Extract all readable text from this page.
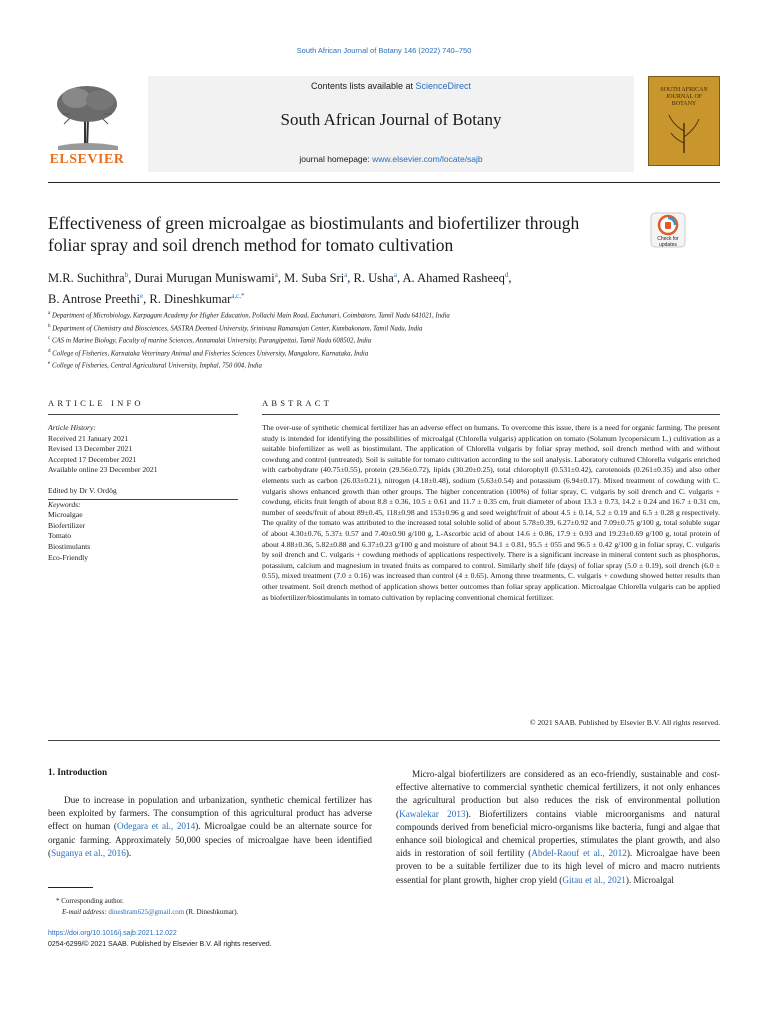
South African Journal of Botany 146 (2022) 740–750
ELSEVIER
Contents lists available at ScienceDirect
South African Journal of Botany
journal homepage: www.elsevier.com/locate/sajb
SOUTH AFRICAN JOURNAL OF BOTANY
Effectiveness of green microalgae as biostimulants and biofertilizer through foliar spray and soil drench method for tomato cultivation	Check for updates
M.R. Suchithra$^b$, Durai Murugan Muniswami$^a$, M. Suba Sri$^a$, R. Usha$^a$, A. Ahamed Rasheeq$^d$,
B. Antrose Preethi$^e$, R. Dineshkumar$^{a,c,*}$
$^a$ Department of Microbiology, Karpagam Academy for Higher Education, Pollachi Main Road, Eachanari, Coimbatore, Tamil Nadu 641021, India
$^b$ Department of Chemistry and Biosciences, SASTRA Deemed University, Srinivasa Ramanujan Center, Kumbakonam, Tamil Nadu, India
$^c$ CAS in Marine Biology, Faculty of marine Sciences, Annamalai University, Parangipettai, Tamil Nadu 608502, India
$^d$ College of Fisheries, Karnataka Veterinary Animal and Fisheries Sciences University, Mangalore, Karnataka, India
$^e$ College of Fisheries, Central Agricultural University, Imphal, 750 004, India
ARTICLE INFO	ABSTRACT
Article History:
Received 21 January 2021
Revised 13 December 2021
Accepted 17 December 2021
Available online 23 December 2021
Edited by Dr V. Ordög
Keywords:
Microalgae
Biofertilizer
Tomato
Biostimulants
Eco-Friendly
The over-use of synthetic chemical fertilizer has an adverse effect on humans. To overcome this issue, there is a need for organic farming. The present study is intended for identifying the possibilities of microalgal (Chlorella vulgaris) application on tomato (Solanum lycopersicum L.) cultivation as a suitable biofertilizer as well as biostimulant. The application of Chlorella vulgaris by foliar spray method, soil drench method with and without cowdung and control (untreated). Soil is suitable for tomato cultivation according to the soil analysis. Laboratory cultured Chlorella vulgaris enriched with carbohydrate (40.75±0.55), protein (29.56±0.72), lipids (30.20±0.25), total chlorophyll (0.531±0.42), carotenoids (0.261±0.35) and also other elements such as carbon (26.03±0.21), nitrogen (4.18±0.48), sodium (5.63±0.54) and potassium (6.94±0.17). Mixed treatment of cowdung with C. vulgaris shows enhanced growth than other groups. The higher concentration (100%) of foliar spray, C. vulgaris by soil drench and C. vulgaris + cowdung, elicits fruit length of about 8.8 ± 0.36, 10.5 ± 0.61 and 11.7 ± 0.35 cm, fruit diameter of about 13.3 ± 0.73, 14.2 ± 0.24 and 16.7 ± 0.31 cm, number of seeds/fruit of about 89±0.45, 118±0.98 and 153±0.96 g and seed weight/fruit of about 4.5 ± 0.14, 5.2 ± 0.19 and 6.5 ± 0.28 g respectively. The quality of the tomato was attributed to the increased total soluble solid of about 5.78±0.39, 6.27±0.92 and 7.09±0.75 g/100 g, total soluble sugar of about 4.30±0.76, 5.37± 0.57 and 7.40±0.90 g/100 g, L-Ascorbic acid of about 14.6 ± 0.86, 17.9 ± 0.93 and 19.23±0.69 g/100 g, total protein of about 4.88±0.36, 5.82±0.88 and 6.37±0.23 g/100 g and moisture of about 94.1 ± 0.81, 95.5 ± 055 and 96.5 ± 0.42 g/100 g in foliar spray, C. vulgaris by soil drench and C. vulgaris + cowdung methods of applications respectively. There is a significant increase in mineral content such as phosphorus, potassium, calcium and magnesium in treated fruits as compared to control. Similarly shelf life (days) of foliar spray (5.0 ± 0.19), soil drench (6.0 ± 0.55), mixed treatment (7.0 ± 0.16) was increased than control (4 ± 0.65). Among three treatments, C. vulgaris + cowdung showed better results than other treatment. Soil drench method of application shows better outcomes than foliar spray application. Microalgae Chlorella vulgaris can be applied as biofertilizer/biostimulants in tomato cultivation by replacing conventional chemical fertilizer.
© 2021 SAAB. Published by Elsevier B.V. All rights reserved.
1. Introduction
Due to increase in population and urbanization, synthetic chemical fertilizer has been exploited by farmers. The consumption of this agricultural product has adverse effect on human (Odegara et al., 2014). Microalgae could be an alternate source for organic farming. Approximately 50,000 species of microalgae have been identified (Suganya et al., 2016).
Micro-algal biofertilizers are considered as an eco-friendly, sustainable and cost-effective alternative to commercial synthetic chemical fertilizers, it not only enhances the agricultural production but also reduces the risk of environmental pollution (Kawalekar 2013). Biofertilizers contains viable microorganisms and natural compounds derived from beneficial micro-organisms like bacteria, fungi and algae that enhance soil biological and chemical properties, stimulates the plant growth, and also aids in restoration of soil fertility (Abdel-Raouf et al., 2012). Microalgae have been proven to be a suitable fertilizer due to its high level of micro and macro nutrients essential for plant growth, higher crop yield (Gitau et al., 2021). Microalgal
* Corresponding author.
E-mail address: dineshram625@gmail.com (R. Dineshkumar).
https://doi.org/10.1016/j.sajb.2021.12.022
0254-6299/© 2021 SAAB. Published by Elsevier B.V. All rights reserved.
